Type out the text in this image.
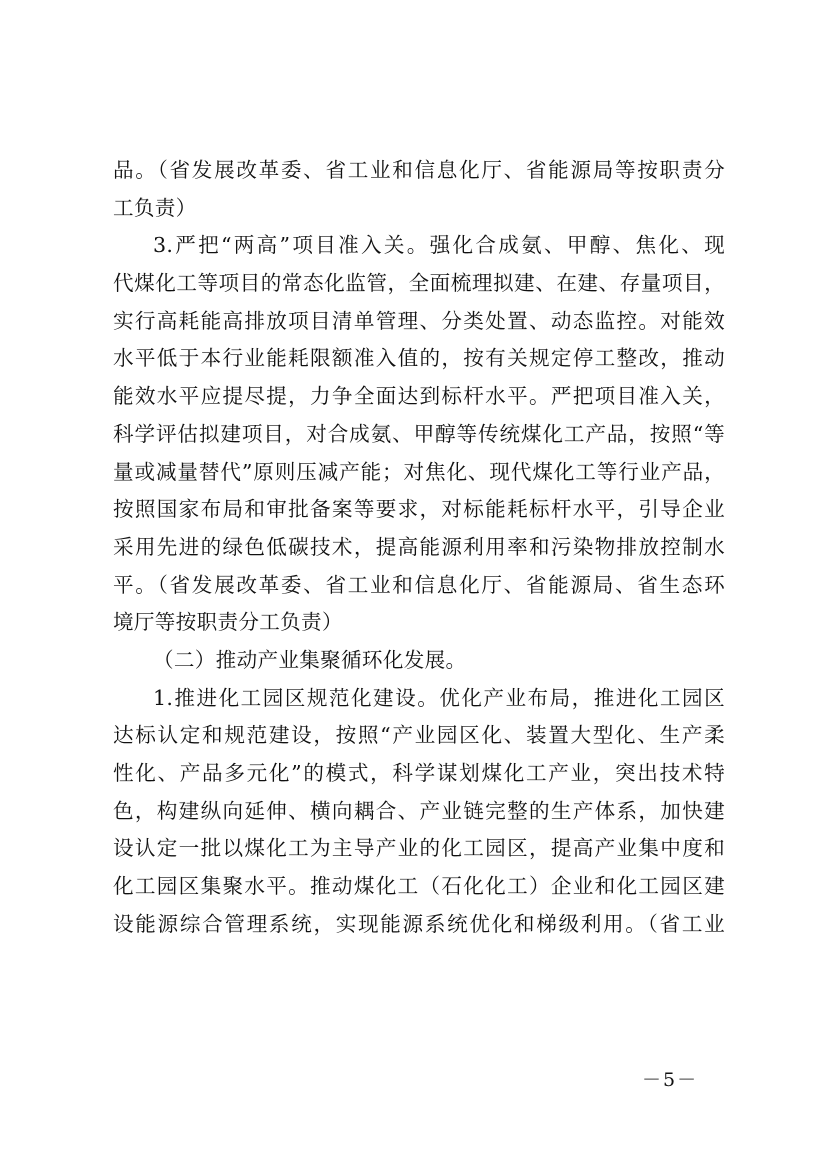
品。（省发展改革委、省工业和信息化厅、省能源局等按职责分
工负责）
3.严把“两高”项目准入关。强化合成氨、甲醇、焦化、现
代煤化工等项目的常态化监管，全面梳理拟建、在建、存量项目，
实行高耗能高排放项目清单管理、分类处置、动态监控。对能效
水平低于本行业能耗限额准入值的，按有关规定停工整改，推动
能效水平应提尽提，力争全面达到标杆水平。严把项目准入关，
科学评估拟建项目，对合成氨、甲醇等传统煤化工产品，按照“等
量或减量替代”原则压减产能；对焦化、现代煤化工等行业产品，
按照国家布局和审批备案等要求，对标能耗标杆水平，引导企业
采用先进的绿色低碳技术，提高能源利用率和污染物排放控制水
平。（省发展改革委、省工业和信息化厅、省能源局、省生态环
境厅等按职责分工负责）
（二）推动产业集聚循环化发展。
1.推进化工园区规范化建设。优化产业布局，推进化工园区
达标认定和规范建设，按照“产业园区化、装置大型化、生产柔
性化、产品多元化”的模式，科学谋划煤化工产业，突出技术特
色，构建纵向延伸、横向耦合、产业链完整的生产体系，加快建
设认定一批以煤化工为主导产业的化工园区，提高产业集中度和
化工园区集聚水平。推动煤化工（石化化工）企业和化工园区建
设能源综合管理系统，实现能源系统优化和梯级利用。（省工业
－5－
